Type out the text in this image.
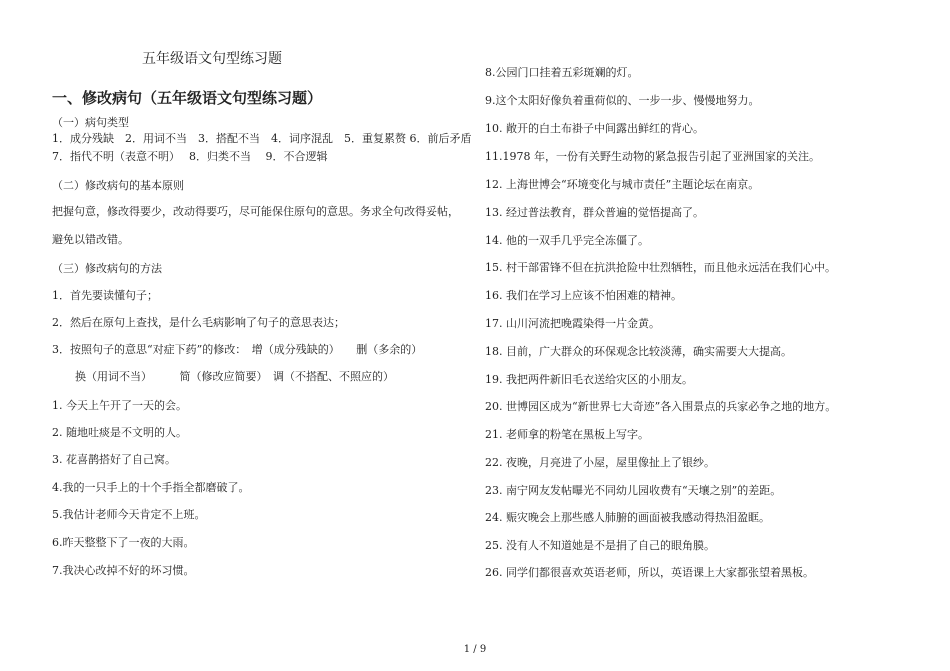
五年级语文句型练习题
一、修改病句（五年级语文句型练习题）
（一）病句类型
1．成分残缺　2．用词不当　3．搭配不当　4．词序混乱　5．重复累赘 6．前后矛盾
7．指代不明（表意不明）　 8．归类不当　 9．不合逻辑
（二）修改病句的基本原则
把握句意，修改得要少，改动得要巧，尽可能保住原句的意思。务求全句改得妥帖，
避免以错改错。
（三）修改病句的方法
1．首先要读懂句子；
2．然后在原句上查找，是什么毛病影响了句子的意思表达；
3．按照句子的意思“对症下药”的修改：　增（成分残缺的）　　删（多余的）
　换（用词不当）　　　简（修改应简要）　调（不搭配、不照应的）
1. 今天上午开了一天的会。
2. 随地吐痰是不文明的人。
3. 花喜鹊搭好了自己窝。
4.我的一只手上的十个手指全都磨破了。
5.我估计老师今天肯定不上班。
6.昨天整整下了一夜的大雨。
7.我决心改掉不好的坏习惯。
8.公园门口挂着五彩斑斓的灯。
9.这个太阳好像负着重荷似的、一步一步、慢慢地努力。
10. 敞开的白土布褂子中间露出鲜红的背心。
11.1978 年，一份有关野生动物的紧急报告引起了亚洲国家的关注。
12. 上海世博会“环境变化与城市责任”主题论坛在南京。
13. 经过普法教育，群众普遍的觉悟提高了。
14. 他的一双手几乎完全冻僵了。
15. 村干部雷锋不但在抗洪抢险中壮烈牺牲，而且他永远活在我们心中。
16. 我们在学习上应该不怕困难的精神。
17. 山川河流把晚霞染得一片金黄。
18. 目前，广大群众的环保观念比较淡薄，确实需要大大提高。
19. 我把两件新旧毛衣送给灾区的小朋友。
20. 世博园区成为“新世界七大奇迹”各入围景点的兵家必争之地的地方。
21. 老师拿的粉笔在黑板上写字。
22. 夜晚，月亮进了小屋，屋里像扯上了银纱。
23. 南宁网友发帖曝光不同幼儿园收费有“天壤之别”的差距。
24. 赈灾晚会上那些感人肺腑的画面被我感动得热泪盈眶。
25. 没有人不知道她是不是捐了自己的眼角膜。
26. 同学们都很喜欢英语老师，所以，英语课上大家都张望着黑板。
1 / 9
